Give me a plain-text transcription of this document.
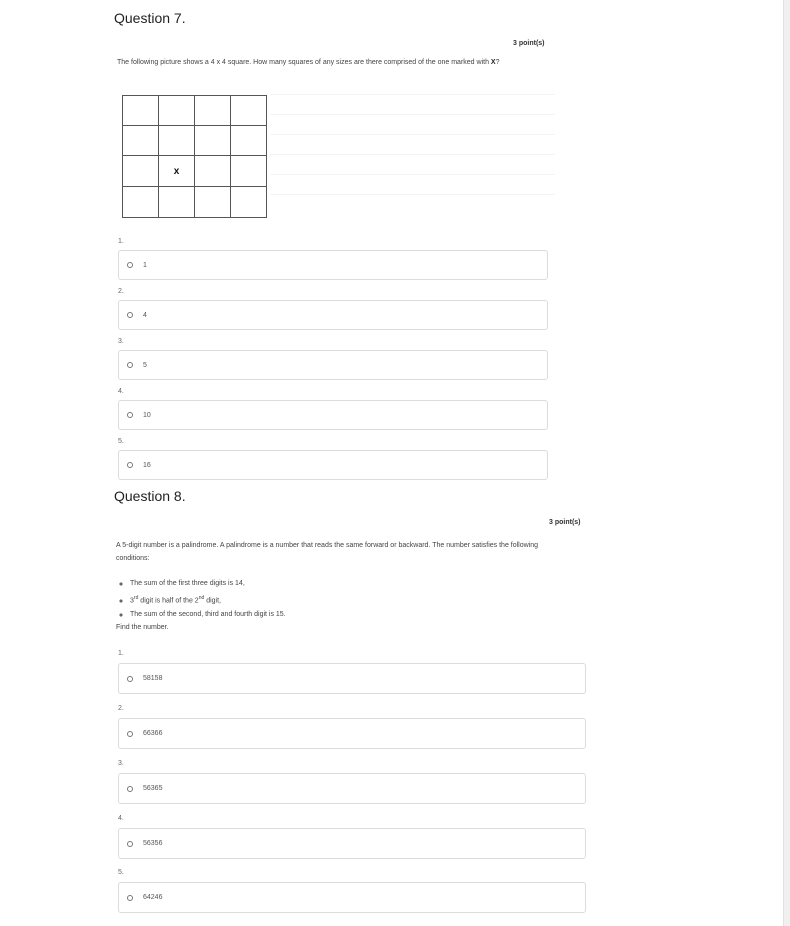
Question 7.
3 point(s)
The following picture shows a 4 x 4 square. How many squares of any sizes are there comprised of the one marked with X?

	x		

1.
1
2.
4
3.
5
4.
10
5.
16
Question 8.
3 point(s)
A 5-digit number is a palindrome. A palindrome is a number that reads the same forward or backward. The number satisfies the following conditions:
◦ The sum of the first three digits is 14,
◦ 3rd digit is half of the 2nd digit,
◦ The sum of the second, third and fourth digit is 15.
Find the number.
1.
58158
2.
66366
3.
56365
4.
56356
5.
64246
